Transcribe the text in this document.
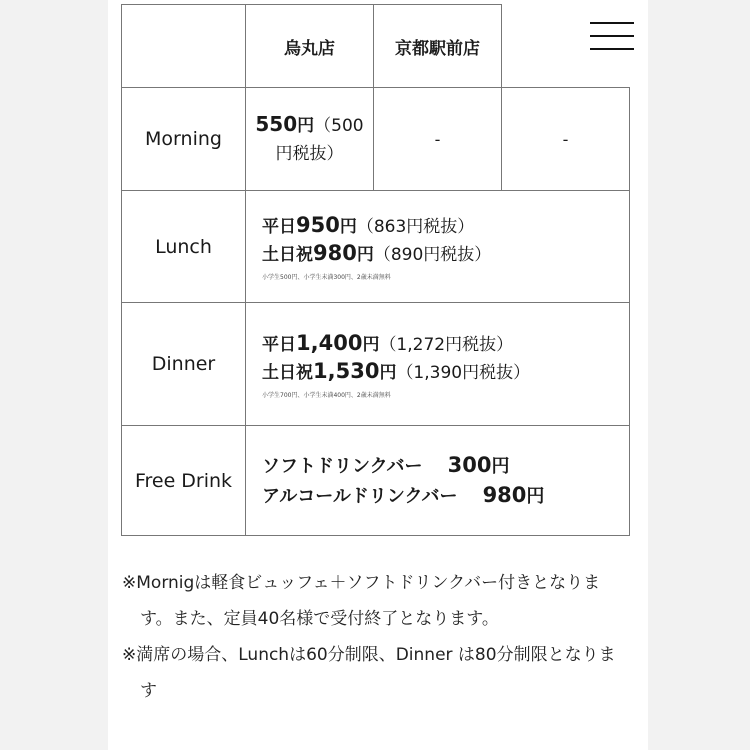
烏丸店	京都駅前店
Morning
550円（500
円税抜）
-	-
Lunch
平日950円（863円税抜）
土日祝980円（890円税抜）
小学生500円、小学生未満300円、2歳未満無料
Dinner
平日1,400円（1,272円税抜）
土日祝1,530円（1,390円税抜）
小学生700円、小学生未満400円、2歳未満無料
Free Drink
ソフトドリンクバー 300円
アルコールドリンクバー 980円

※Mornigは軽食ビュッフェ＋ソフトドリンクバー付きとなります。また、定員40名様で受付終了となります。

※満席の場合、Lunchは60分制限、Dinner は80分制限となります
